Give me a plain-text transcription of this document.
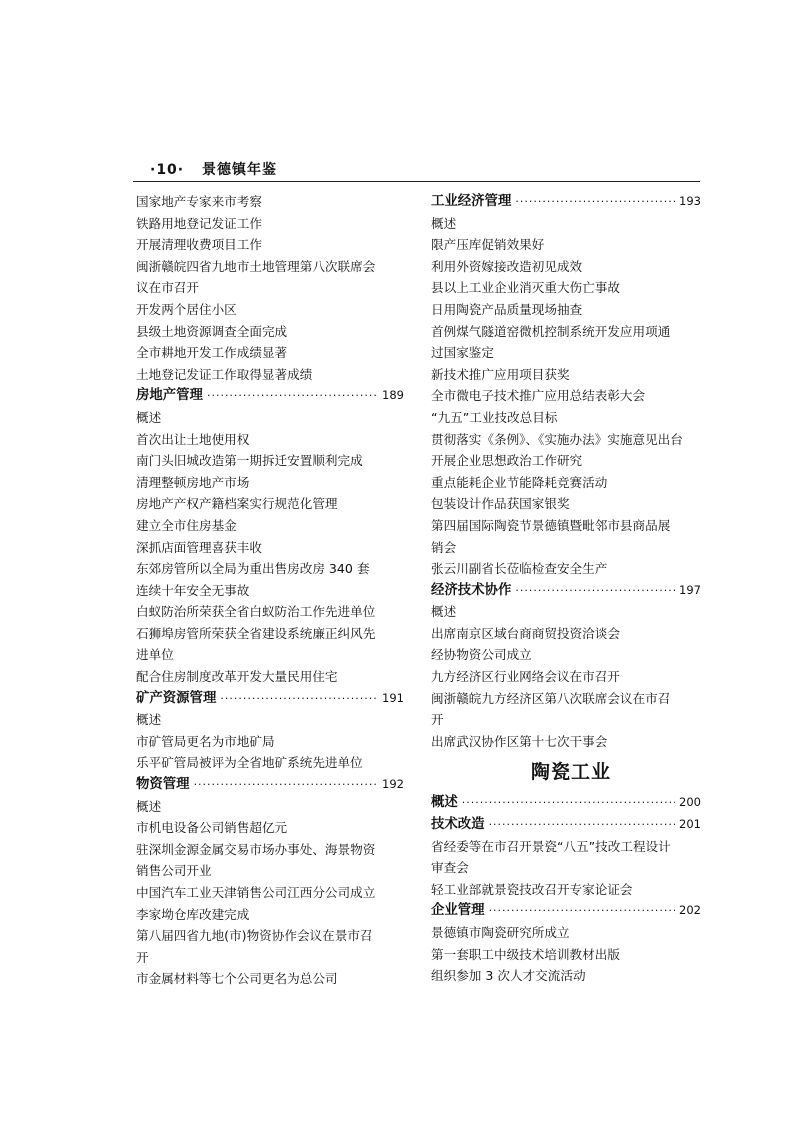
·10· 景德镇年鉴
国家地产专家来市考察
铁路用地登记发证工作
开展清理收费项目工作
闽浙赣皖四省九地市土地管理第八次联席会
议在市召开
开发两个居住小区
县级土地资源调查全面完成
全市耕地开发工作成绩显著
土地登记发证工作取得显著成绩
房地产管理 ·····	189
概述
首次出让土地使用权
南门头旧城改造第一期拆迁安置顺利完成
清理整顿房地产市场
房地产产权产籍档案实行规范化管理
建立全市住房基金
深抓店面管理喜获丰收
东郊房管所以全局为重出售房改房 340 套
连续十年安全无事故
白蚁防治所荣获全省白蚁防治工作先进单位
石狮埠房管所荣获全省建设系统廉正纠风先
进单位
配合住房制度改革开发大量民用住宅
矿产资源管理 ·····	191
概述
市矿管局更名为市地矿局
乐平矿管局被评为全省地矿系统先进单位
物资管理 ·····	192
概述
市机电设备公司销售超亿元
驻深圳金源金属交易市场办事处、海景物资
销售公司开业
中国汽车工业天津销售公司江西分公司成立
李家坳仓库改建完成
第八届四省九地(市)物资协作会议在景市召
开
市金属材料等七个公司更名为总公司
工业经济管理 ·····	193
概述
限产压库促销效果好
利用外资嫁接改造初见成效
县以上工业企业消灭重大伤亡事故
日用陶瓷产品质量现场抽查
首例煤气隧道窑微机控制系统开发应用项通
过国家鉴定
新技术推广应用项目获奖
全市微电子技术推广应用总结表彰大会
“九五”工业技改总目标
贯彻落实《条例》、《实施办法》实施意见出台
开展企业思想政治工作研究
重点能耗企业节能降耗竞赛活动
包装设计作品获国家银奖
第四届国际陶瓷节景德镇暨毗邻市县商品展
销会
张云川副省长莅临检查安全生产
经济技术协作 ·····	197
概述
出席南京区域台商商贸投资洽谈会
经协物资公司成立
九方经济区行业网络会议在市召开
闽浙赣皖九方经济区第八次联席会议在市召
开
出席武汉协作区第十七次干事会
陶瓷工业
概述 ·····	200
技术改造 ·····	201
省经委等在市召开景瓷“八五”技改工程设计
审查会
轻工业部就景瓷技改召开专家论证会
企业管理 ·····	202
景德镇市陶瓷研究所成立
第一套职工中级技术培训教材出版
组织参加 3 次人才交流活动
